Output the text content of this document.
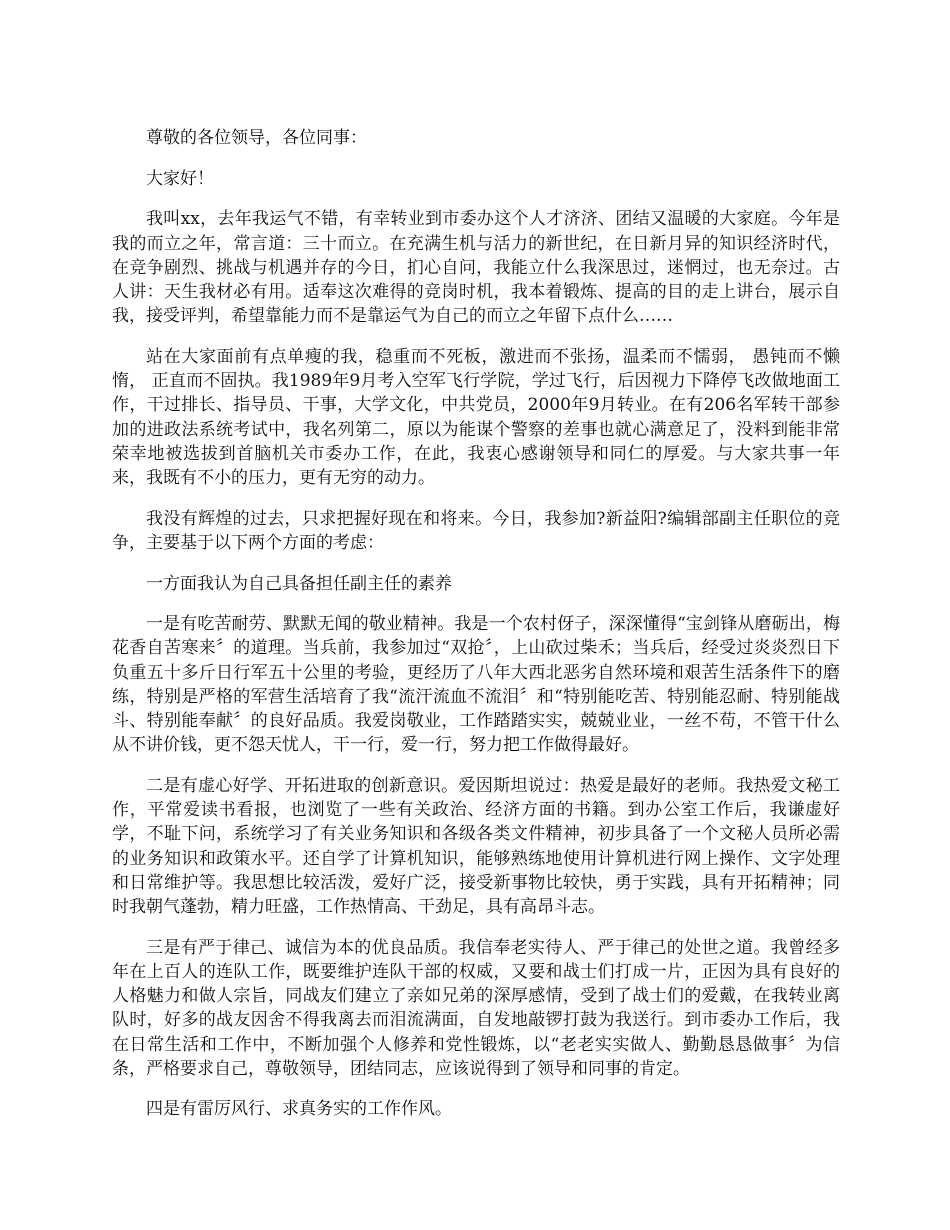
尊敬的各位领导，各位同事：

大家好！

我叫xx，去年我运气不错，有幸转业到市委办这个人才济济、团结又温暖的大家庭。今年是我的而立之年，常言道：三十而立。在充满生机与活力的新世纪，在日新月异的知识经济时代，在竞争剧烈、挑战与机遇并存的今日，扪心自问，我能立什么我深思过，迷惘过，也无奈过。古人讲：天生我材必有用。适奉这次难得的竞岗时机，我本着锻炼、提高的目的走上讲台，展示自我，接受评判，希望靠能力而不是靠运气为自己的而立之年留下点什么……

站在大家面前有点单瘦的我，稳重而不死板，激进而不张扬，温柔而不懦弱， 愚钝而不懒惰， 正直而不固执。我1989年9月考入空军飞行学院，学过飞行，后因视力下降停飞改做地面工作，干过排长、指导员、干事，大学文化，中共党员，2000年9月转业。在有206名军转干部参加的进政法系统考试中，我名列第二，原以为能谋个警察的差事也就心满意足了，没料到能非常荣幸地被选拔到首脑机关市委办工作，在此，我衷心感谢领导和同仁的厚爱。与大家共事一年来，我既有不小的压力，更有无穷的动力。

我没有辉煌的过去，只求把握好现在和将来。今日，我参加?新益阳?编辑部副主任职位的竞争，主要基于以下两个方面的考虑：

一方面我认为自己具备担任副主任的素养

一是有吃苦耐劳、默默无闻的敬业精神。我是一个农村伢子，深深懂得“宝剑锋从磨砺出，梅花香自苦寒来〞的道理。当兵前，我参加过“双抢〞，上山砍过柴禾；当兵后，经受过炎炎烈日下负重五十多斤日行军五十公里的考验，更经历了八年大西北恶劣自然环境和艰苦生活条件下的磨练，特别是严格的军营生活培育了我“流汗流血不流泪〞和“特别能吃苦、特别能忍耐、特别能战斗、特别能奉献〞的良好品质。我爱岗敬业，工作踏踏实实，兢兢业业，一丝不苟，不管干什么从不讲价钱，更不怨天忧人，干一行，爱一行，努力把工作做得最好。

二是有虚心好学、开拓进取的创新意识。爱因斯坦说过：热爱是最好的老师。我热爱文秘工作，平常爱读书看报，也浏览了一些有关政治、经济方面的书籍。到办公室工作后，我谦虚好学，不耻下问，系统学习了有关业务知识和各级各类文件精神，初步具备了一个文秘人员所必需的业务知识和政策水平。还自学了计算机知识，能够熟练地使用计算机进行网上操作、文字处理和日常维护等。我思想比较活泼，爱好广泛，接受新事物比较快，勇于实践，具有开拓精神；同时我朝气蓬勃，精力旺盛，工作热情高、干劲足，具有高昂斗志。

三是有严于律己、诚信为本的优良品质。我信奉老实待人、严于律己的处世之道。我曾经多年在上百人的连队工作，既要维护连队干部的权威，又要和战士们打成一片，正因为具有良好的人格魅力和做人宗旨，同战友们建立了亲如兄弟的深厚感情，受到了战士们的爱戴，在我转业离队时，好多的战友因舍不得我离去而泪流满面，自发地敲锣打鼓为我送行。到市委办工作后，我在日常生活和工作中，不断加强个人修养和党性锻炼，以“老老实实做人、勤勤恳恳做事〞为信条，严格要求自己，尊敬领导，团结同志，应该说得到了领导和同事的肯定。

四是有雷厉风行、求真务实的工作作风。
